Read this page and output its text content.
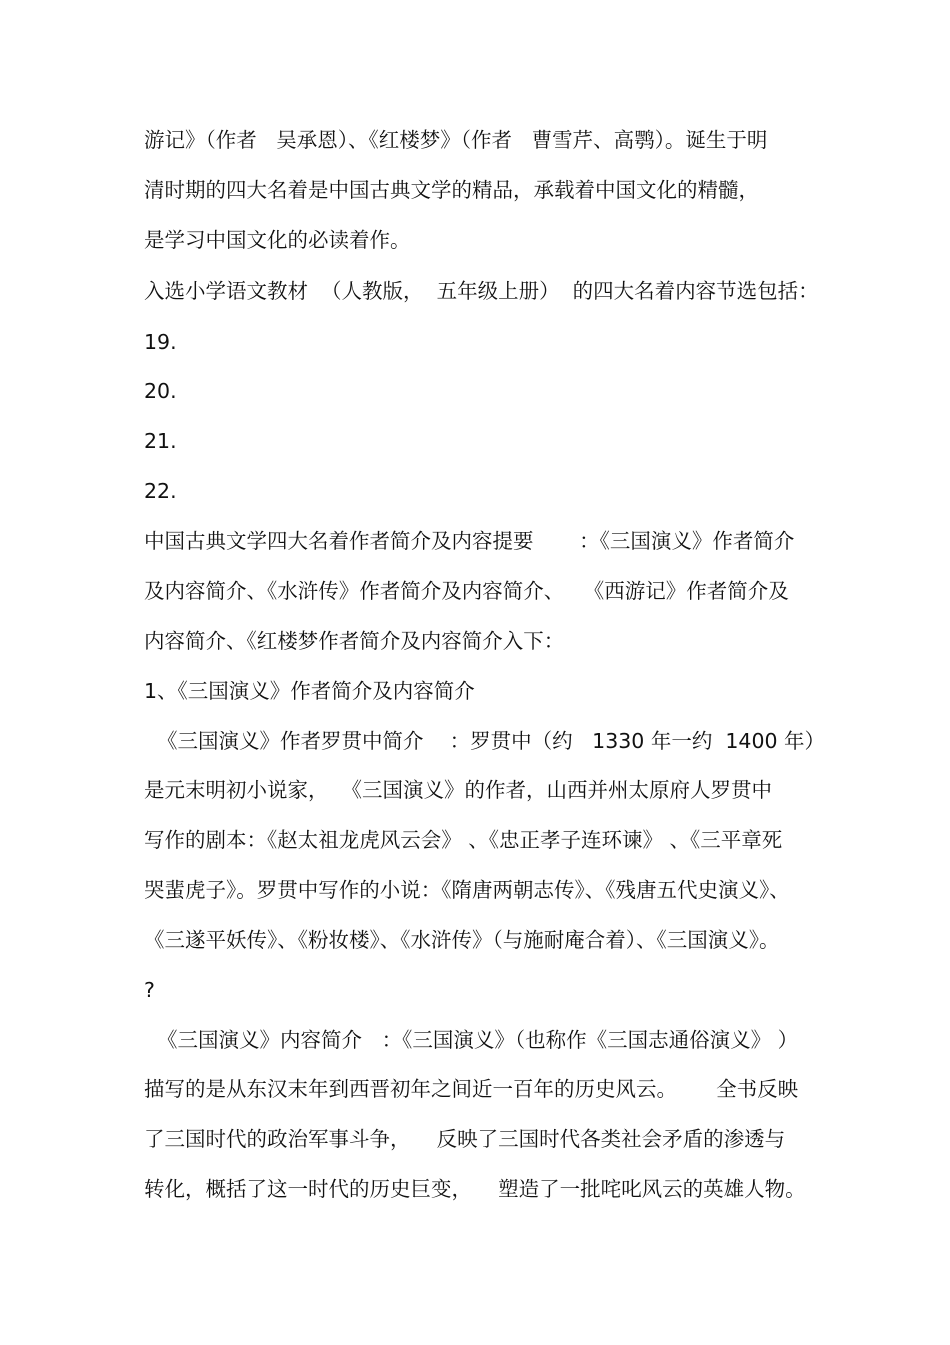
游记》（作者   吴承恩）、《红楼梦》（作者   曹雪芹、高鹗）。诞生于明
清时期的四大名着是中国古典文学的精品，承载着中国文化的精髓，
是学习中国文化的必读着作。
入选小学语文教材  （人教版，  五年级上册）  的四大名着内容节选包括：
19.
20.
21.
22.
中国古典文学四大名着作者简介及内容提要       ：《三国演义》作者简介
及内容简介、《水浒传》作者简介及内容简介、   《西游记》作者简介及
内容简介、《红楼梦作者简介及内容简介入下：
1、《三国演义》作者简介及内容简介
《三国演义》作者罗贯中简介    ：罗贯中（约   1330 年一约  1400 年）
是元末明初小说家，  《三国演义》的作者，山西并州太原府人罗贯中
写作的剧本：《赵太祖龙虎风云会》 、《忠正孝子连环谏》 、《三平章死
哭蜚虎子》。罗贯中写作的小说：《隋唐两朝志传》、《残唐五代史演义》、
《三遂平妖传》、《粉妆楼》、《水浒传》（与施耐庵合着）、《三国演义》。
?
《三国演义》内容简介   ：《三国演义》（也称作《三国志通俗演义》 ）
描写的是从东汉末年到西晋初年之间近一百年的历史风云。      全书反映
了三国时代的政治军事斗争，    反映了三国时代各类社会矛盾的渗透与
转化，概括了这一时代的历史巨变，    塑造了一批咤叱风云的英雄人物。
